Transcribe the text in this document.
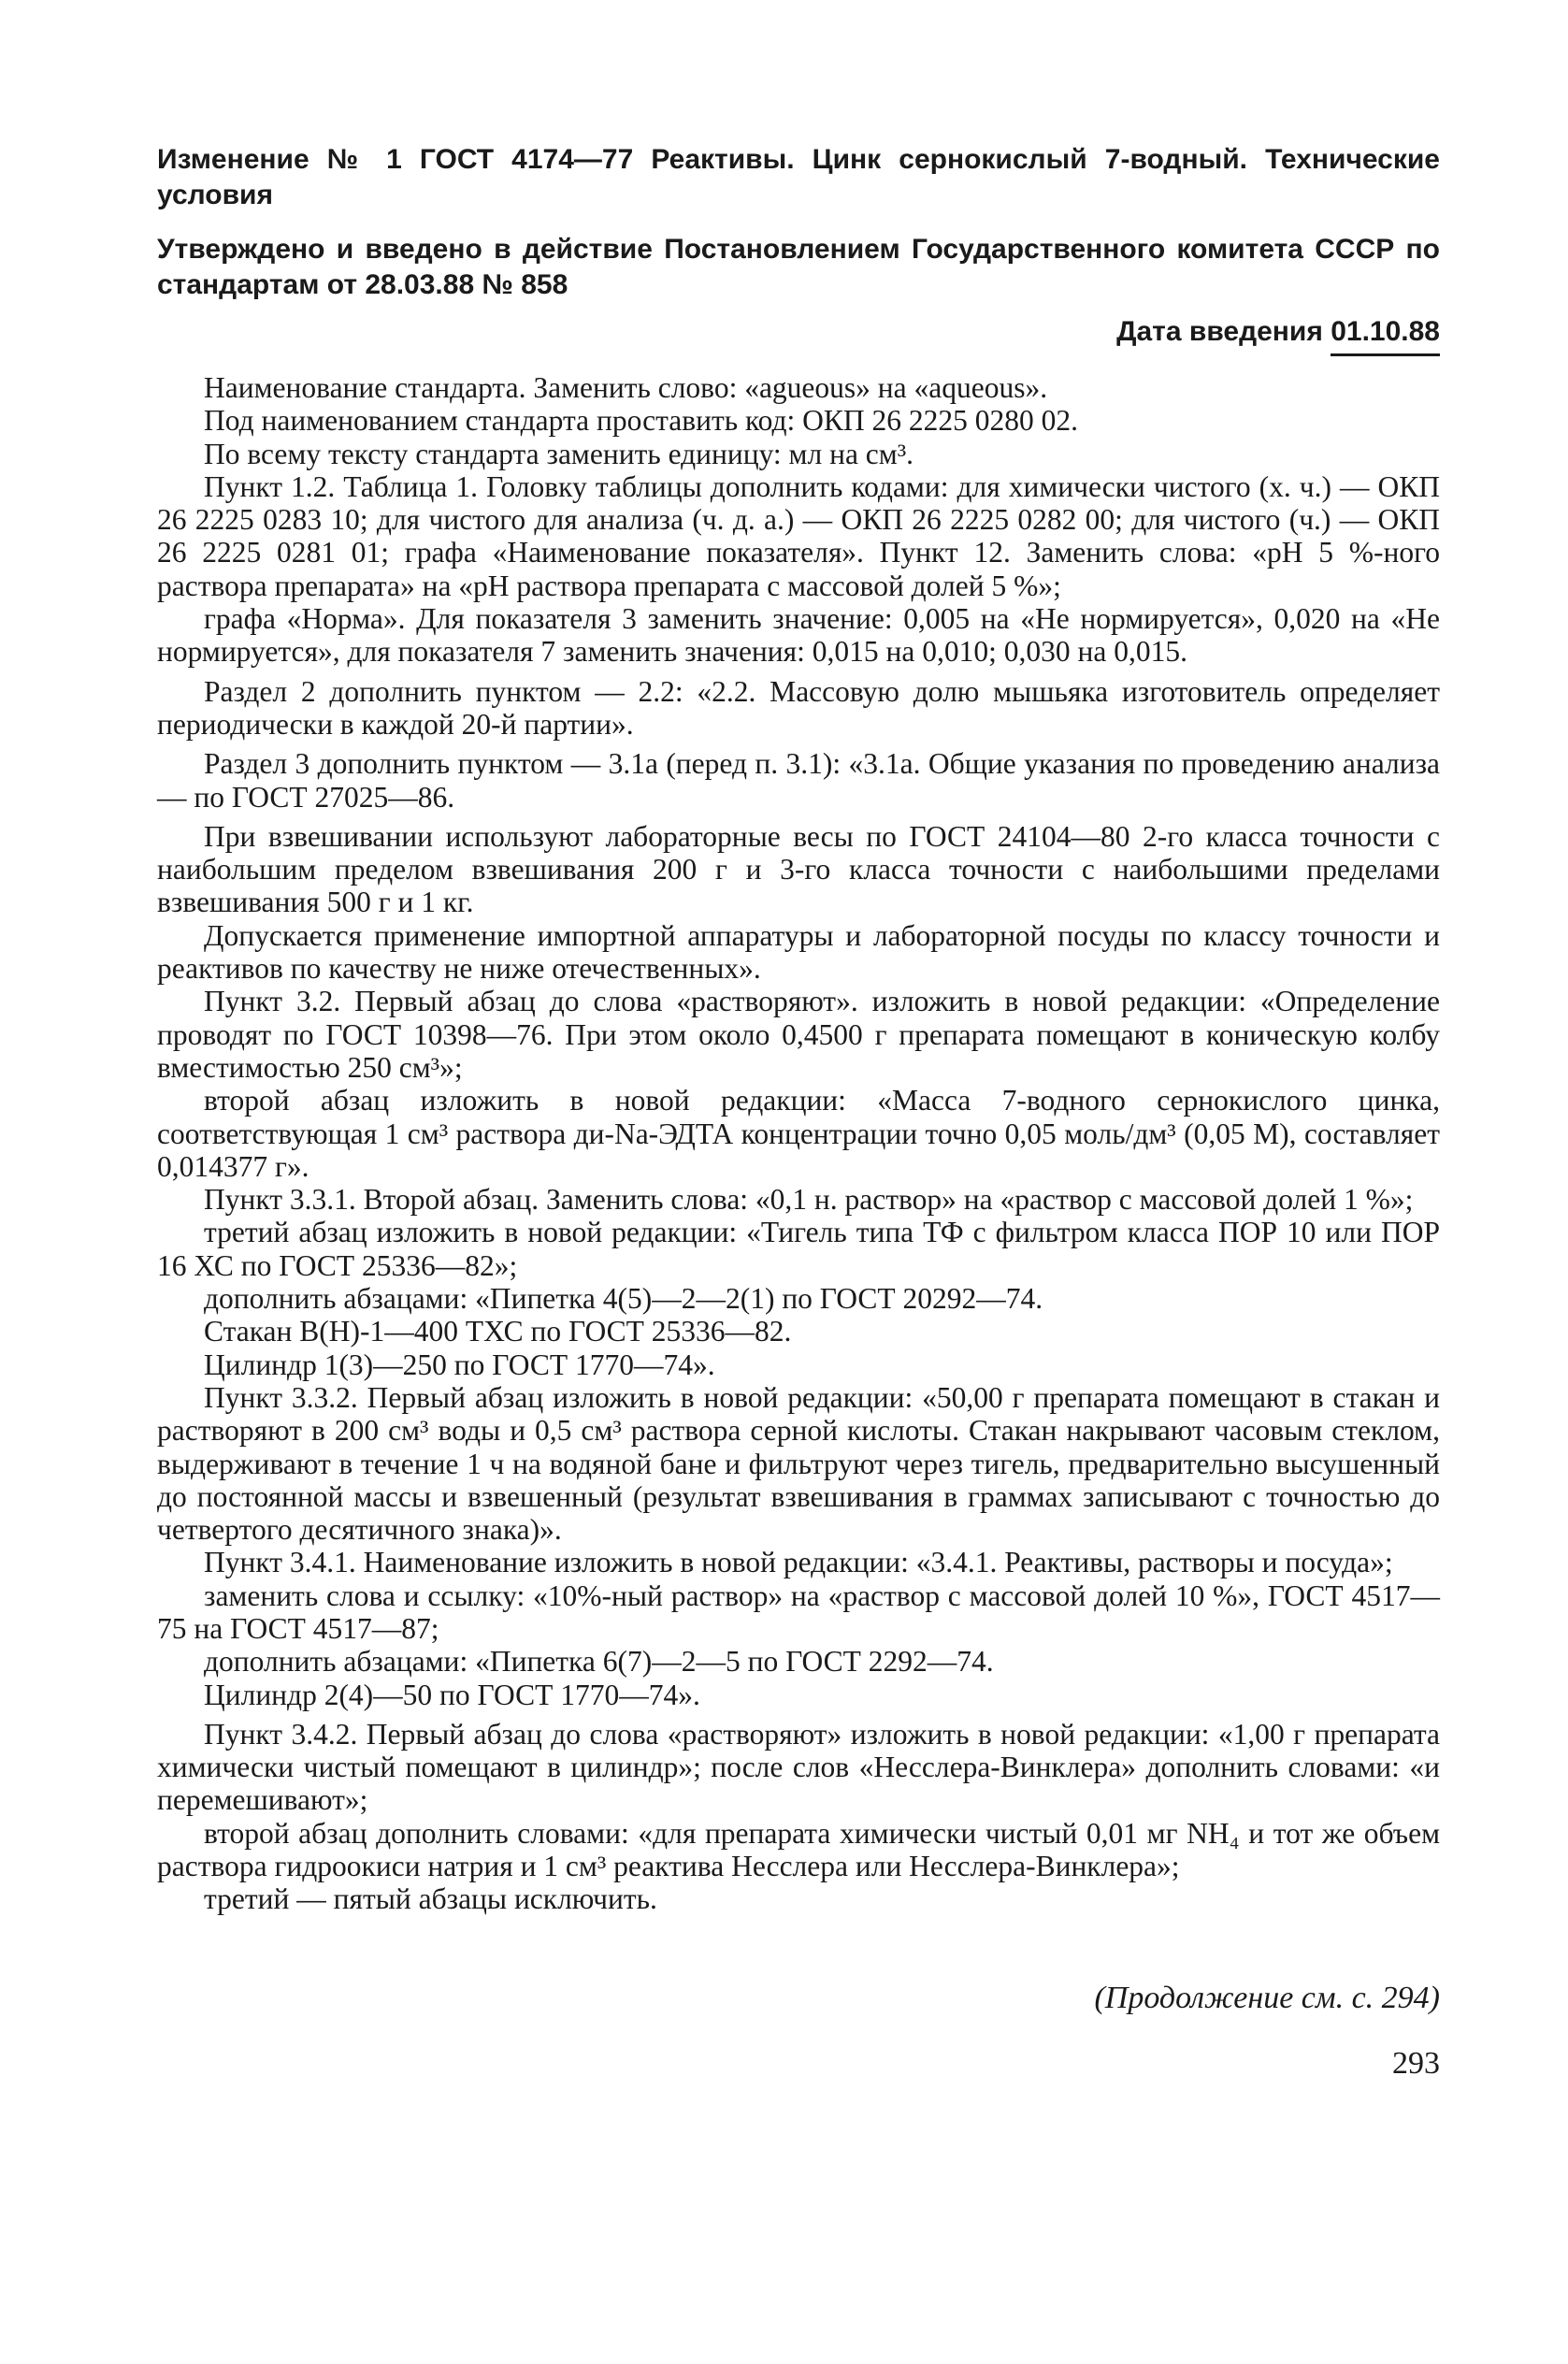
Изменение № 1 ГОСТ 4174—77 Реактивы. Цинк сернокислый 7-водный. Технические условия

Утверждено и введено в действие Постановлением Государственного комитета СССР по стандартам от 28.03.88 № 858

Дата введения 01.10.88

Наименование стандарта. Заменить слово: «agueous» на «aqueous».

Под наименованием стандарта проставить код: ОКП 26 2225 0280 02.

По всему тексту стандарта заменить единицу: мл на см³.

Пункт 1.2. Таблица 1. Головку таблицы дополнить кодами: для химически чистого (х. ч.) — ОКП 26 2225 0283 10; для чистого для анализа (ч. д. а.) — ОКП 26 2225 0282 00; для чистого (ч.) — ОКП 26 2225 0281 01; графа «Наименование показателя». Пункт 12. Заменить слова: «pH 5 %-ного раствора препарата» на «pH раствора препарата с массовой долей 5 %»;

графа «Норма». Для показателя 3 заменить значение: 0,005 на «Не нормируется», 0,020 на «Не нормируется», для показателя 7 заменить значения: 0,015 на 0,010; 0,030 на 0,015.

Раздел 2 дополнить пунктом — 2.2: «2.2. Массовую долю мышьяка изготовитель определяет периодически в каждой 20-й партии».

Раздел 3 дополнить пунктом — 3.1а (перед п. 3.1): «3.1а. Общие указания по проведению анализа — по ГОСТ 27025—86.

При взвешивании используют лабораторные весы по ГОСТ 24104—80 2-го класса точности с наибольшим пределом взвешивания 200 г и 3-го класса точности с наибольшими пределами взвешивания 500 г и 1 кг.

Допускается применение импортной аппаратуры и лабораторной посуды по классу точности и реактивов по качеству не ниже отечественных».

Пункт 3.2. Первый абзац до слова «растворяют». изложить в новой редакции: «Определение проводят по ГОСТ 10398—76. При этом около 0,4500 г препарата помещают в коническую колбу вместимостью 250 см³»;

второй абзац изложить в новой редакции: «Масса 7-водного сернокислого цинка, соответствующая 1 см³ раствора ди-Na-ЭДТА концентрации точно 0,05 моль/дм³ (0,05 М), составляет 0,014377 г».

Пункт 3.3.1. Второй абзац. Заменить слова: «0,1 н. раствор» на «раствор с массовой долей 1 %»;

третий абзац изложить в новой редакции: «Тигель типа ТФ с фильтром класса ПОР 10 или ПОР 16 ХС по ГОСТ 25336—82»;

дополнить абзацами: «Пипетка 4(5)—2—2(1) по ГОСТ 20292—74.

Стакан В(Н)-1—400 ТХС по ГОСТ 25336—82.

Цилиндр 1(3)—250 по ГОСТ 1770—74».

Пункт 3.3.2. Первый абзац изложить в новой редакции: «50,00 г препарата помещают в стакан и растворяют в 200 см³ воды и 0,5 см³ раствора серной кислоты. Стакан накрывают часовым стеклом, выдерживают в течение 1 ч на водяной бане и фильтруют через тигель, предварительно высушенный до постоянной массы и взвешенный (результат взвешивания в граммах записывают с точностью до четвертого десятичного знака)».

Пункт 3.4.1. Наименование изложить в новой редакции: «3.4.1. Реактивы, растворы и посуда»;

заменить слова и ссылку: «10%-ный раствор» на «раствор с массовой долей 10 %», ГОСТ 4517—75 на ГОСТ 4517—87;

дополнить абзацами: «Пипетка 6(7)—2—5 по ГОСТ 2292—74.

Цилиндр 2(4)—50 по ГОСТ 1770—74».

Пункт 3.4.2. Первый абзац до слова «растворяют» изложить в новой редакции: «1,00 г препарата химически чистый помещают в цилиндр»; после слов «Несслера-Винклера» дополнить словами: «и перемешивают»;

второй абзац дополнить словами: «для препарата химически чистый 0,01 мг NH₄ и тот же объем раствора гидроокиси натрия и 1 см³ реактива Несслера или Несслера-Винклера»;

третий — пятый абзацы исключить.

(Продолжение см. с. 294)
293
